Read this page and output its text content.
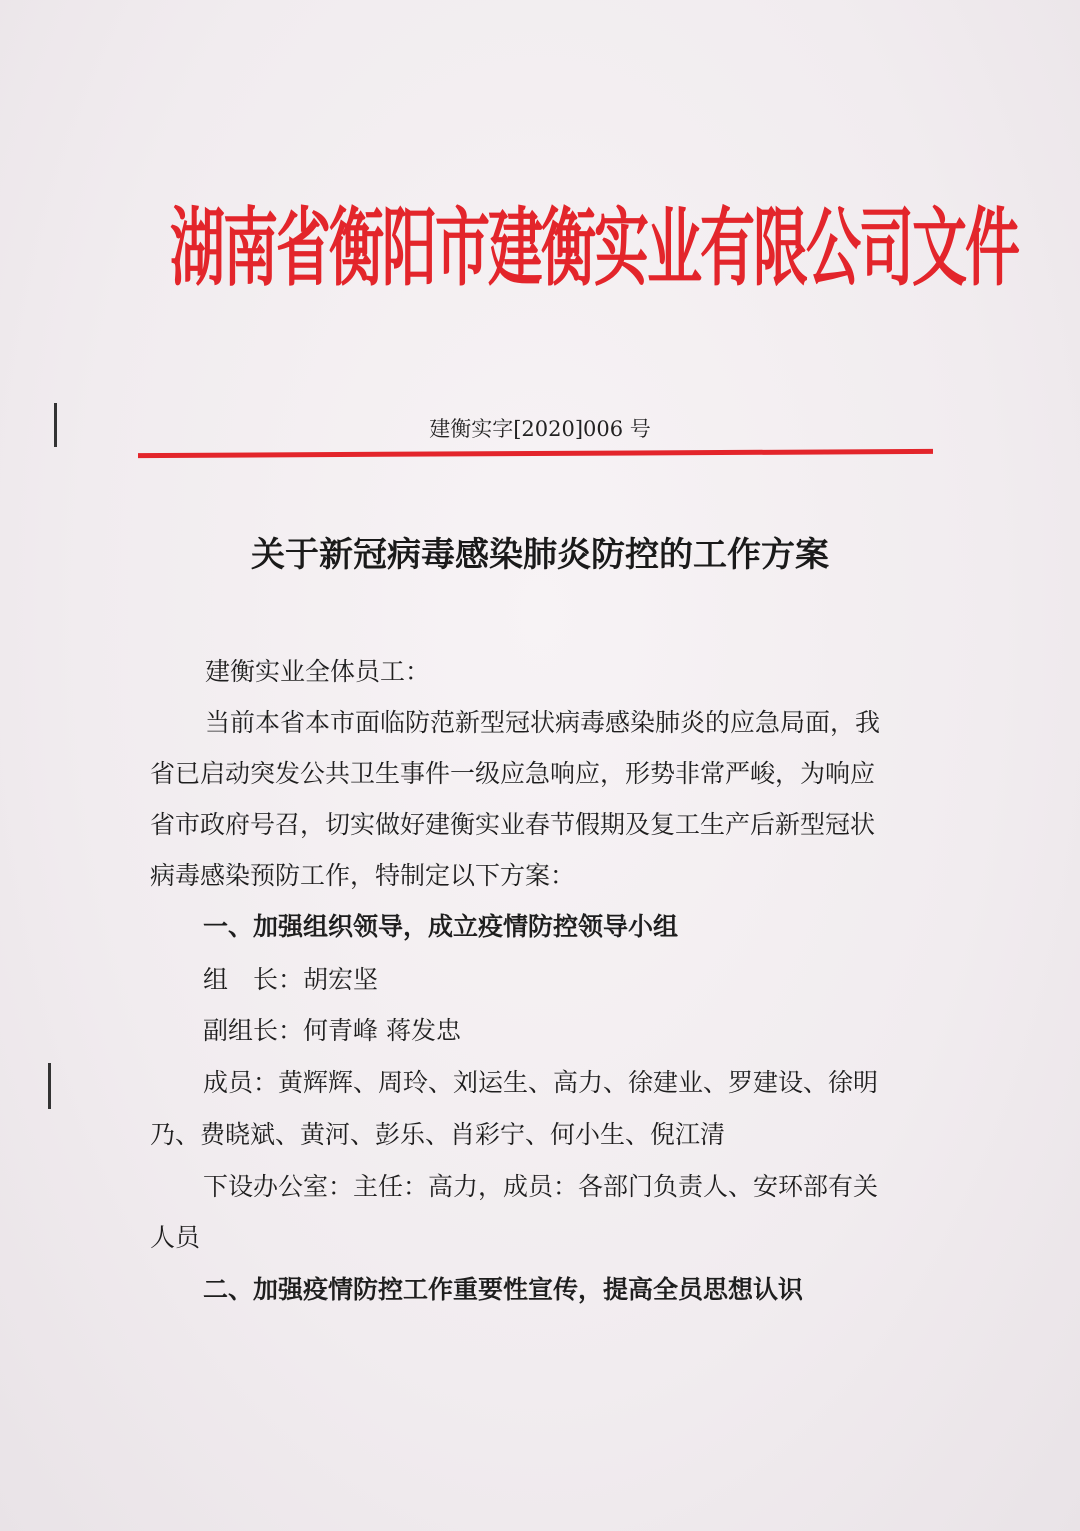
湖南省衡阳市建衡实业有限公司文件
建衡实字[2020]006 号
关于新冠病毒感染肺炎防控的工作方案
建衡实业全体员工：
当前本省本市面临防范新型冠状病毒感染肺炎的应急局面，我
省已启动突发公共卫生事件一级应急响应，形势非常严峻，为响应
省市政府号召，切实做好建衡实业春节假期及复工生产后新型冠状
病毒感染预防工作，特制定以下方案：
一、加强组织领导，成立疫情防控领导小组
组　长：胡宏坚
副组长：何青峰 蒋发忠
成员：黄辉辉、周玲、刘运生、高力、徐建业、罗建设、徐明
乃、费晓斌、黄河、彭乐、肖彩宁、何小生、倪江清
下设办公室：主任：高力，成员：各部门负责人、安环部有关
人员
二、加强疫情防控工作重要性宣传，提高全员思想认识
